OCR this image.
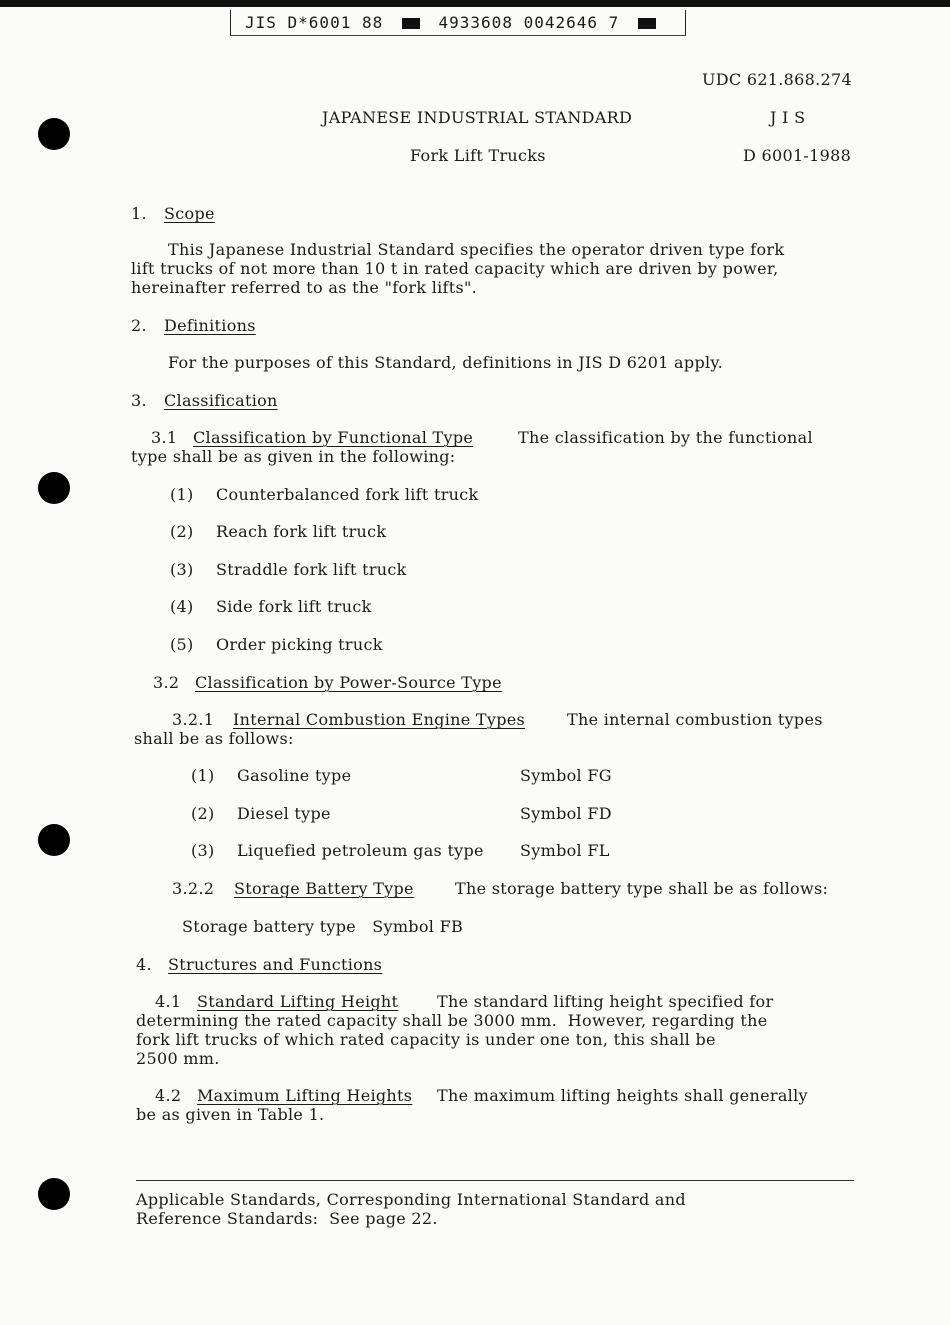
JIS D*6001 88	4933608 0042646 7
UDC 621.868.274
JAPANESE INDUSTRIAL STANDARD	J I S
Fork Lift Trucks	D 6001-1988
1. Scope
This Japanese Industrial Standard specifies the operator driven type fork
lift trucks of not more than 10 t in rated capacity which are driven by power,
hereinafter referred to as the "fork lifts".
2. Definitions
For the purposes of this Standard, definitions in JIS D 6201 apply.
3. Classification
3.1 Classification by Functional Type	The classification by the functional
type shall be as given in the following:
(1) Counterbalanced fork lift truck
(2) Reach fork lift truck
(3) Straddle fork lift truck
(4) Side fork lift truck
(5) Order picking truck
3.2 Classification by Power-Source Type
3.2.1 Internal Combustion Engine Types	The internal combustion types
shall be as follows:
(1) Gasoline type	Symbol FG
(2) Diesel type	Symbol FD
(3) Liquefied petroleum gas type Symbol FL
3.2.2 Storage Battery Type	The storage battery type shall be as follows:
Storage battery type   Symbol FB
4. Structures and Functions
4.1 Standard Lifting Height The standard lifting height specified for
determining the rated capacity shall be 3000 mm.  However, regarding the
fork lift trucks of which rated capacity is under one ton, this shall be
2500 mm.
4.2 Maximum Lifting Heights The maximum lifting heights shall generally
be as given in Table 1.
Applicable Standards, Corresponding International Standard and
Reference Standards:  See page 22.
